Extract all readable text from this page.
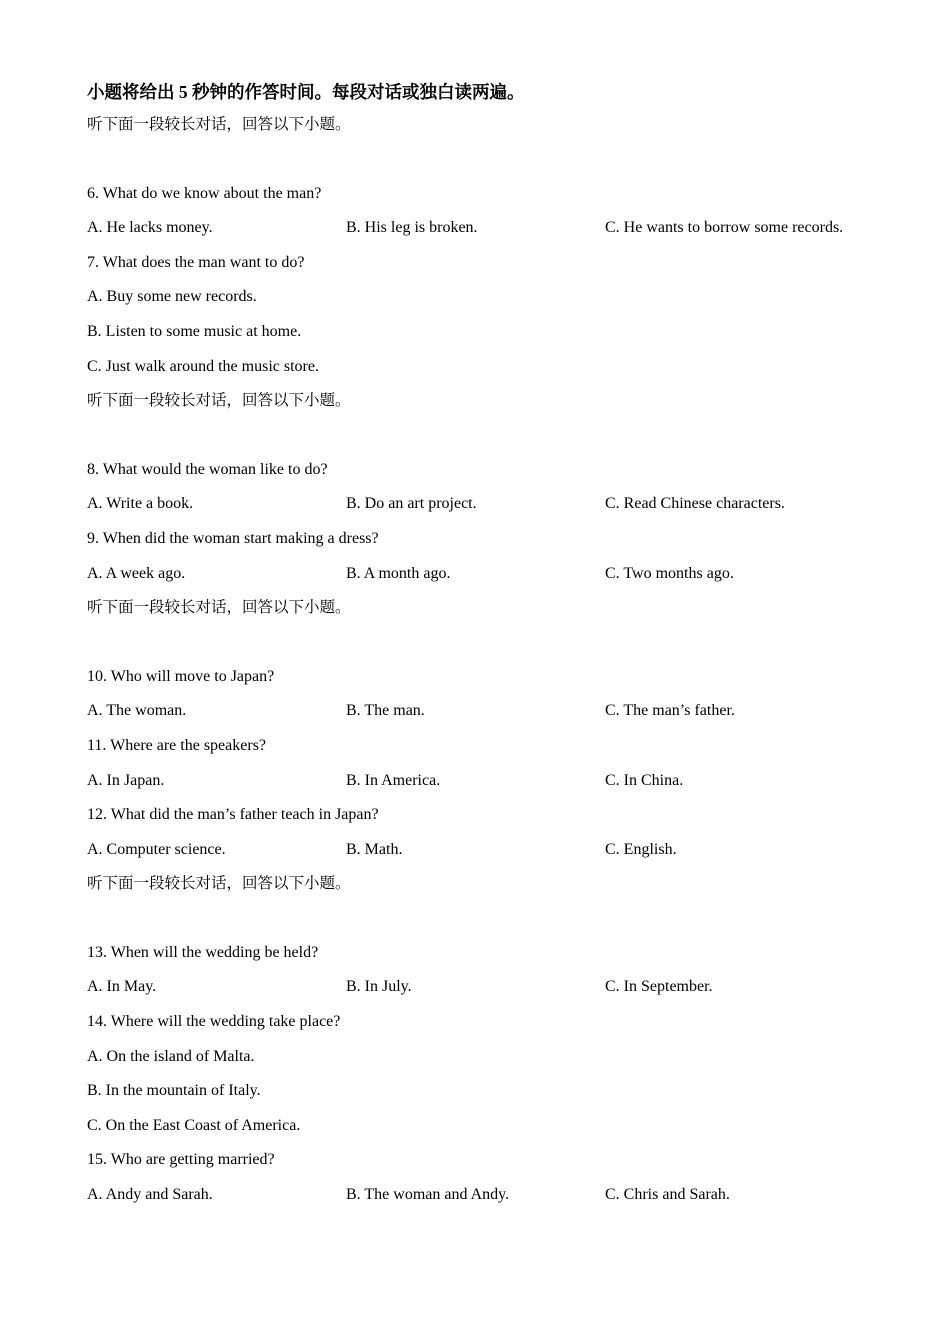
小题将给出 5 秒钟的作答时间。每段对话或独白读两遍。
听下面一段较长对话，回答以下小题。
6. What do we know about the man?
A. He lacks money.	B. His leg is broken.	C. He wants to borrow some records.
7. What does the man want to do?
A. Buy some new records.
B. Listen to some music at home.
C. Just walk around the music store.
听下面一段较长对话，回答以下小题。
8. What would the woman like to do?
A. Write a book.	B. Do an art project.	C. Read Chinese characters.
9. When did the woman start making a dress?
A. A week ago.	B. A month ago.	C. Two months ago.
听下面一段较长对话，回答以下小题。
10. Who will move to Japan?
A. The woman.	B. The man.	C. The man’s father.
11. Where are the speakers?
A. In Japan.	B. In America.	C. In China.
12. What did the man’s father teach in Japan?
A. Computer science.	B. Math.	C. English.
听下面一段较长对话，回答以下小题。
13. When will the wedding be held?
A. In May.	B. In July.	C. In September.
14. Where will the wedding take place?
A. On the island of Malta.
B. In the mountain of Italy.
C. On the East Coast of America.
15. Who are getting married?
A. Andy and Sarah.	B. The woman and Andy.	C. Chris and Sarah.
